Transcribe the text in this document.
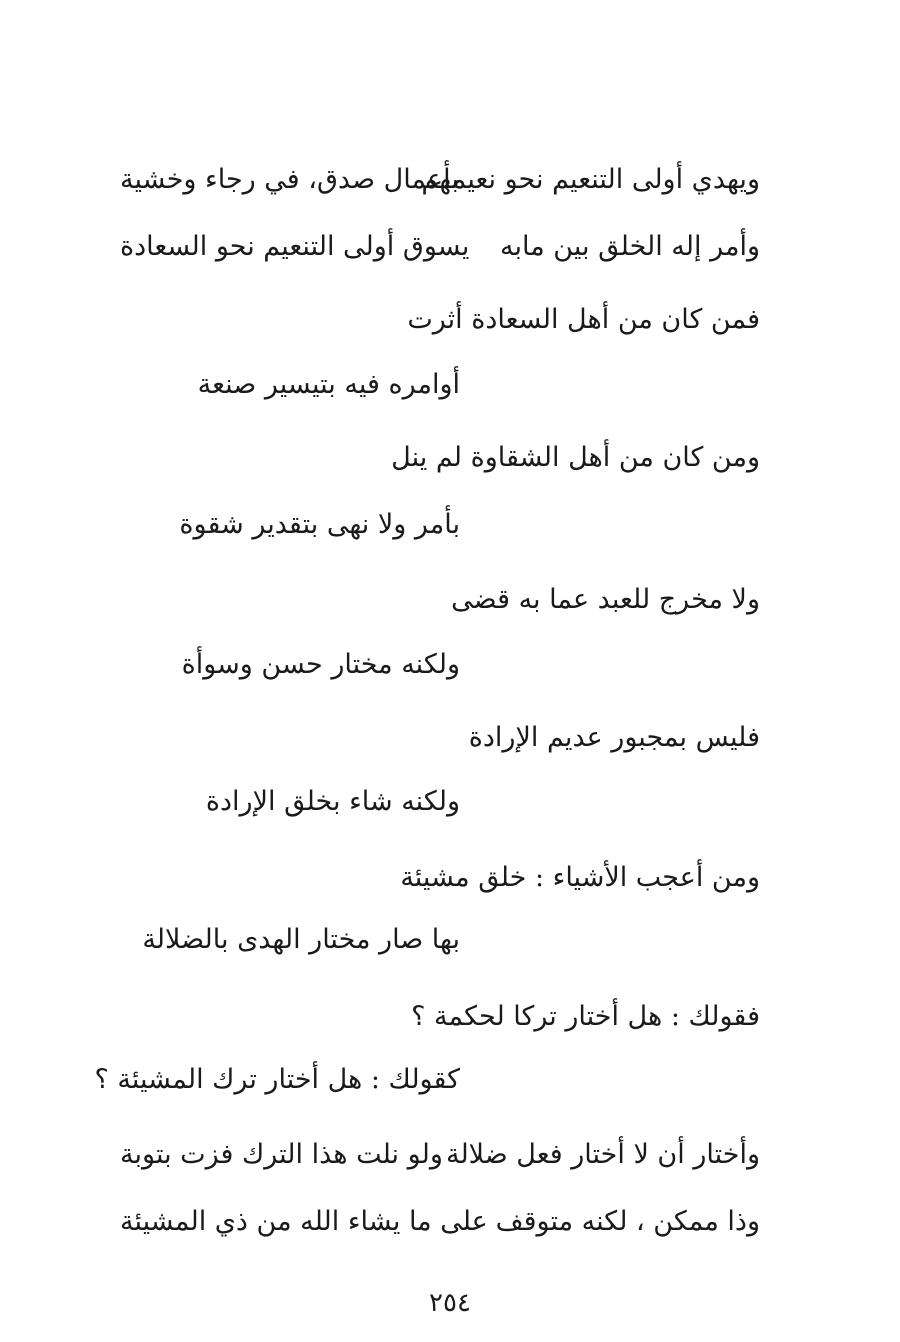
ويهدي أولى التنعيم نحو نعيمهم
بأعمال صدق، في رجاء وخشية
وأمر إله الخلق بين مابه
يسوق أولى التنعيم نحو السعادة
فمن كان من أهل السعادة أثرت
أوامره فيه بتيسير صنعة
ومن كان من أهل الشقاوة لم ينل
بأمر ولا نهى بتقدير شقوة
ولا مخرج للعبد عما به قضى
ولكنه مختار حسن وسوأة
فليس بمجبور عديم الإرادة
ولكنه شاء بخلق الإرادة
ومن أعجب الأشياء : خلق مشيئة
بها صار مختار الهدى بالضلالة
فقولك : هل أختار تركا لحكمة ؟
كقولك : هل أختار ترك المشيئة ؟
وأختار أن لا أختار فعل ضلالة
ولو نلت هذا الترك فزت بتوبة
وذا ممكن ، لكنه متوقف
على ما يشاء الله من ذي المشيئة
٢٥٤
